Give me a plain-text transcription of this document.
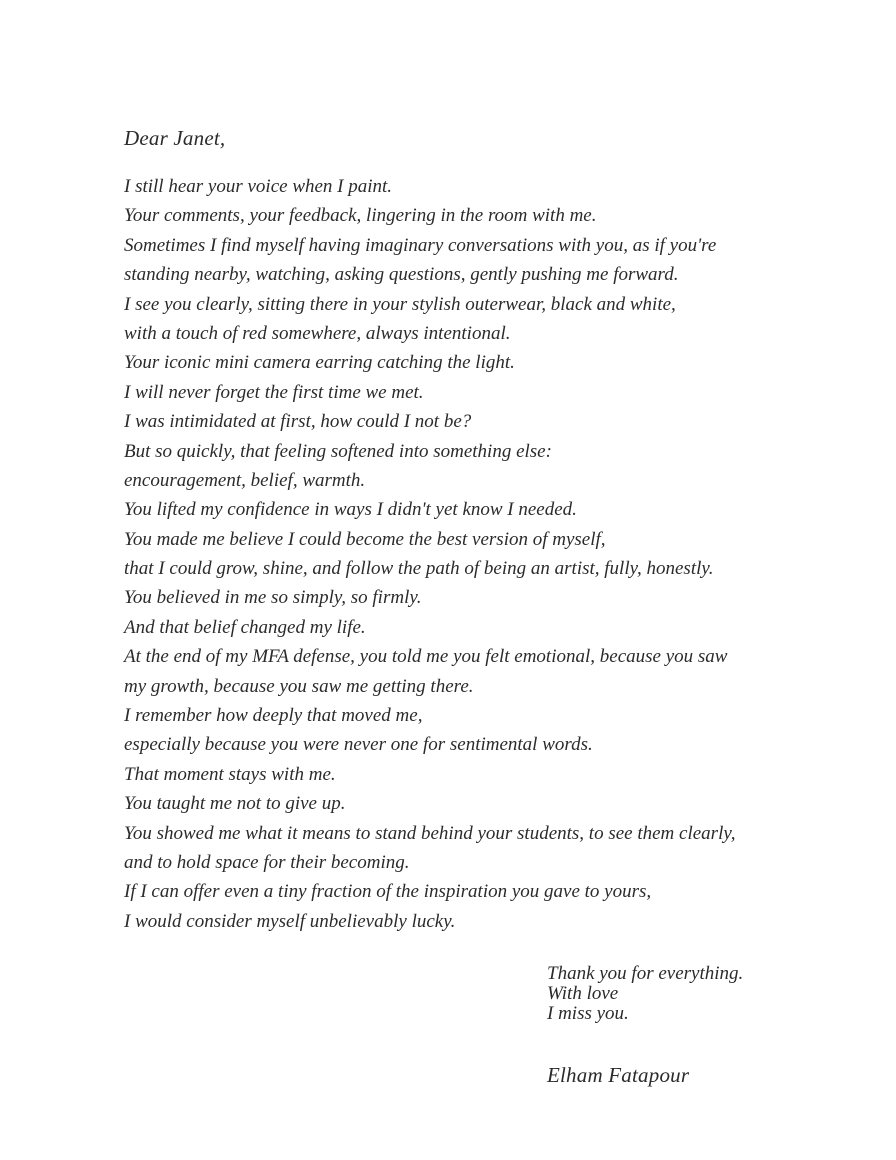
Dear Janet,
I still hear your voice when I paint.
Your comments, your feedback, lingering in the room with me.
Sometimes I find myself having imaginary conversations with you, as if you're
standing nearby, watching, asking questions, gently pushing me forward.
I see you clearly, sitting there in your stylish outerwear, black and white,
with a touch of red somewhere, always intentional.
Your iconic mini camera earring catching the light.
I will never forget the first time we met.
I was intimidated at first, how could I not be?
But so quickly, that feeling softened into something else:
encouragement, belief, warmth.
You lifted my confidence in ways I didn't yet know I needed.
You made me believe I could become the best version of myself,
that I could grow, shine, and follow the path of being an artist, fully, honestly.
You believed in me so simply, so firmly.
And that belief changed my life.
At the end of my MFA defense, you told me you felt emotional, because you saw
my growth, because you saw me getting there.
I remember how deeply that moved me,
especially because you were never one for sentimental words.
That moment stays with me.
You taught me not to give up.
You showed me what it means to stand behind your students, to see them clearly,
and to hold space for their becoming.
If I can offer even a tiny fraction of the inspiration you gave to yours,
I would consider myself unbelievably lucky.
Thank you for everything.
With love
I miss you.
Elham Fatapour
